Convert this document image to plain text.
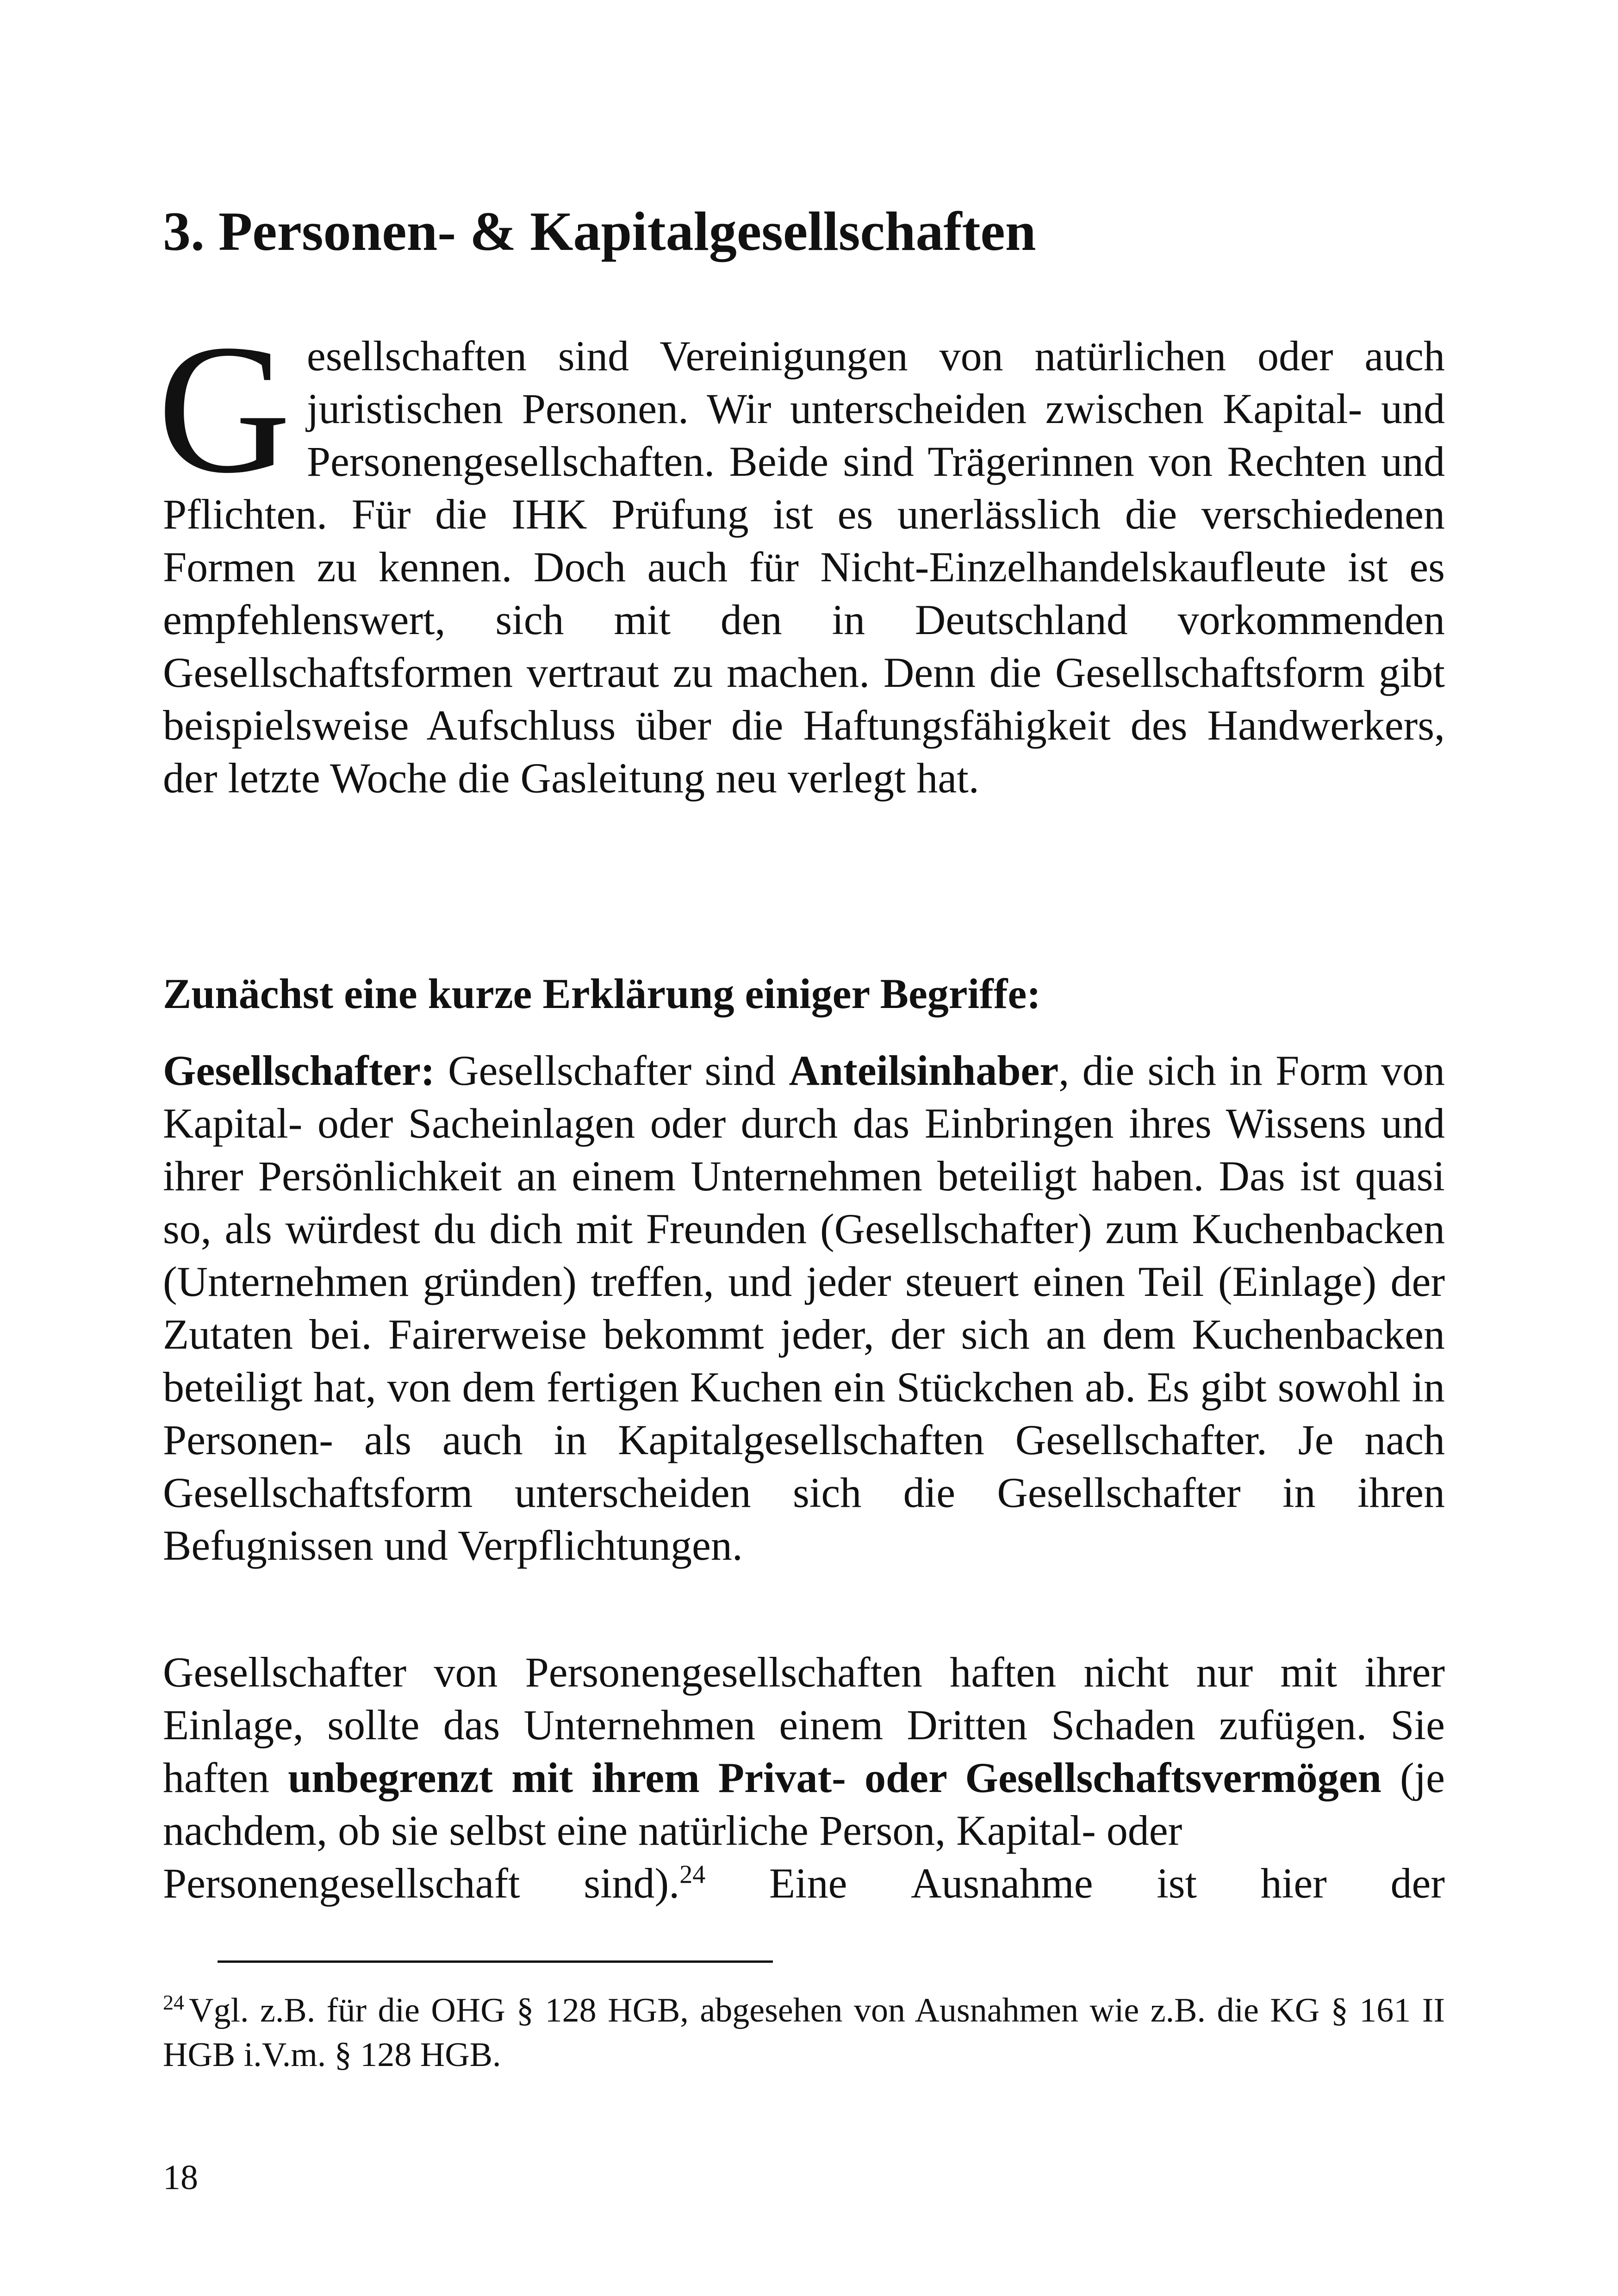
3. Personen- & Kapitalgesellschaften

Gesellschaften sind Vereinigungen von natürlichen oder auch juristischen Personen. Wir unterscheiden zwischen Kapital- und Personengesellschaften. Beide sind Trägerinnen von Rechten und Pflichten. Für die IHK Prüfung ist es unerlässlich die verschiedenen Formen zu kennen. Doch auch für Nicht-Einzelhandelskaufleute ist es empfehlenswert, sich mit den in Deutschland vorkommenden Gesellschaftsformen vertraut zu machen. Denn die Gesellschaftsform gibt beispielsweise Aufschluss über die Haftungsfähigkeit des Handwerkers, der letzte Woche die Gasleitung neu verlegt hat.

Zunächst eine kurze Erklärung einiger Begriffe:

Gesellschafter: Gesellschafter sind Anteilsinhaber, die sich in Form von Kapital- oder Sacheinlagen oder durch das Einbringen ihres Wissens und ihrer Persönlichkeit an einem Unternehmen beteiligt haben. Das ist quasi so, als würdest du dich mit Freunden (Gesellschafter) zum Kuchenbacken (Unternehmen gründen) treffen, und jeder steuert einen Teil (Einlage) der Zutaten bei. Fairerweise bekommt jeder, der sich an dem Kuchenbacken beteiligt hat, von dem fertigen Kuchen ein Stückchen ab. Es gibt sowohl in Personen- als auch in Kapitalgesellschaften Gesellschafter. Je nach Gesellschaftsform unterscheiden sich die Gesellschafter in ihren Befugnissen und Verpflichtungen.

Gesellschafter von Personengesellschaften haften nicht nur mit ihrer Einlage, sollte das Unternehmen einem Dritten Schaden zufügen. Sie haften unbegrenzt mit ihrem Privat- oder Gesellschaftsvermögen (je nachdem, ob sie selbst eine natürliche Person, Kapital- oder
Personengesellschaft sind).$^{24}$ Eine Ausnahme ist hier der

$^{24}$ Vgl. z.B. für die OHG § 128 HGB, abgesehen von Ausnahmen wie z.B. die KG § 161 II HGB i.V.m. § 128 HGB.

18
